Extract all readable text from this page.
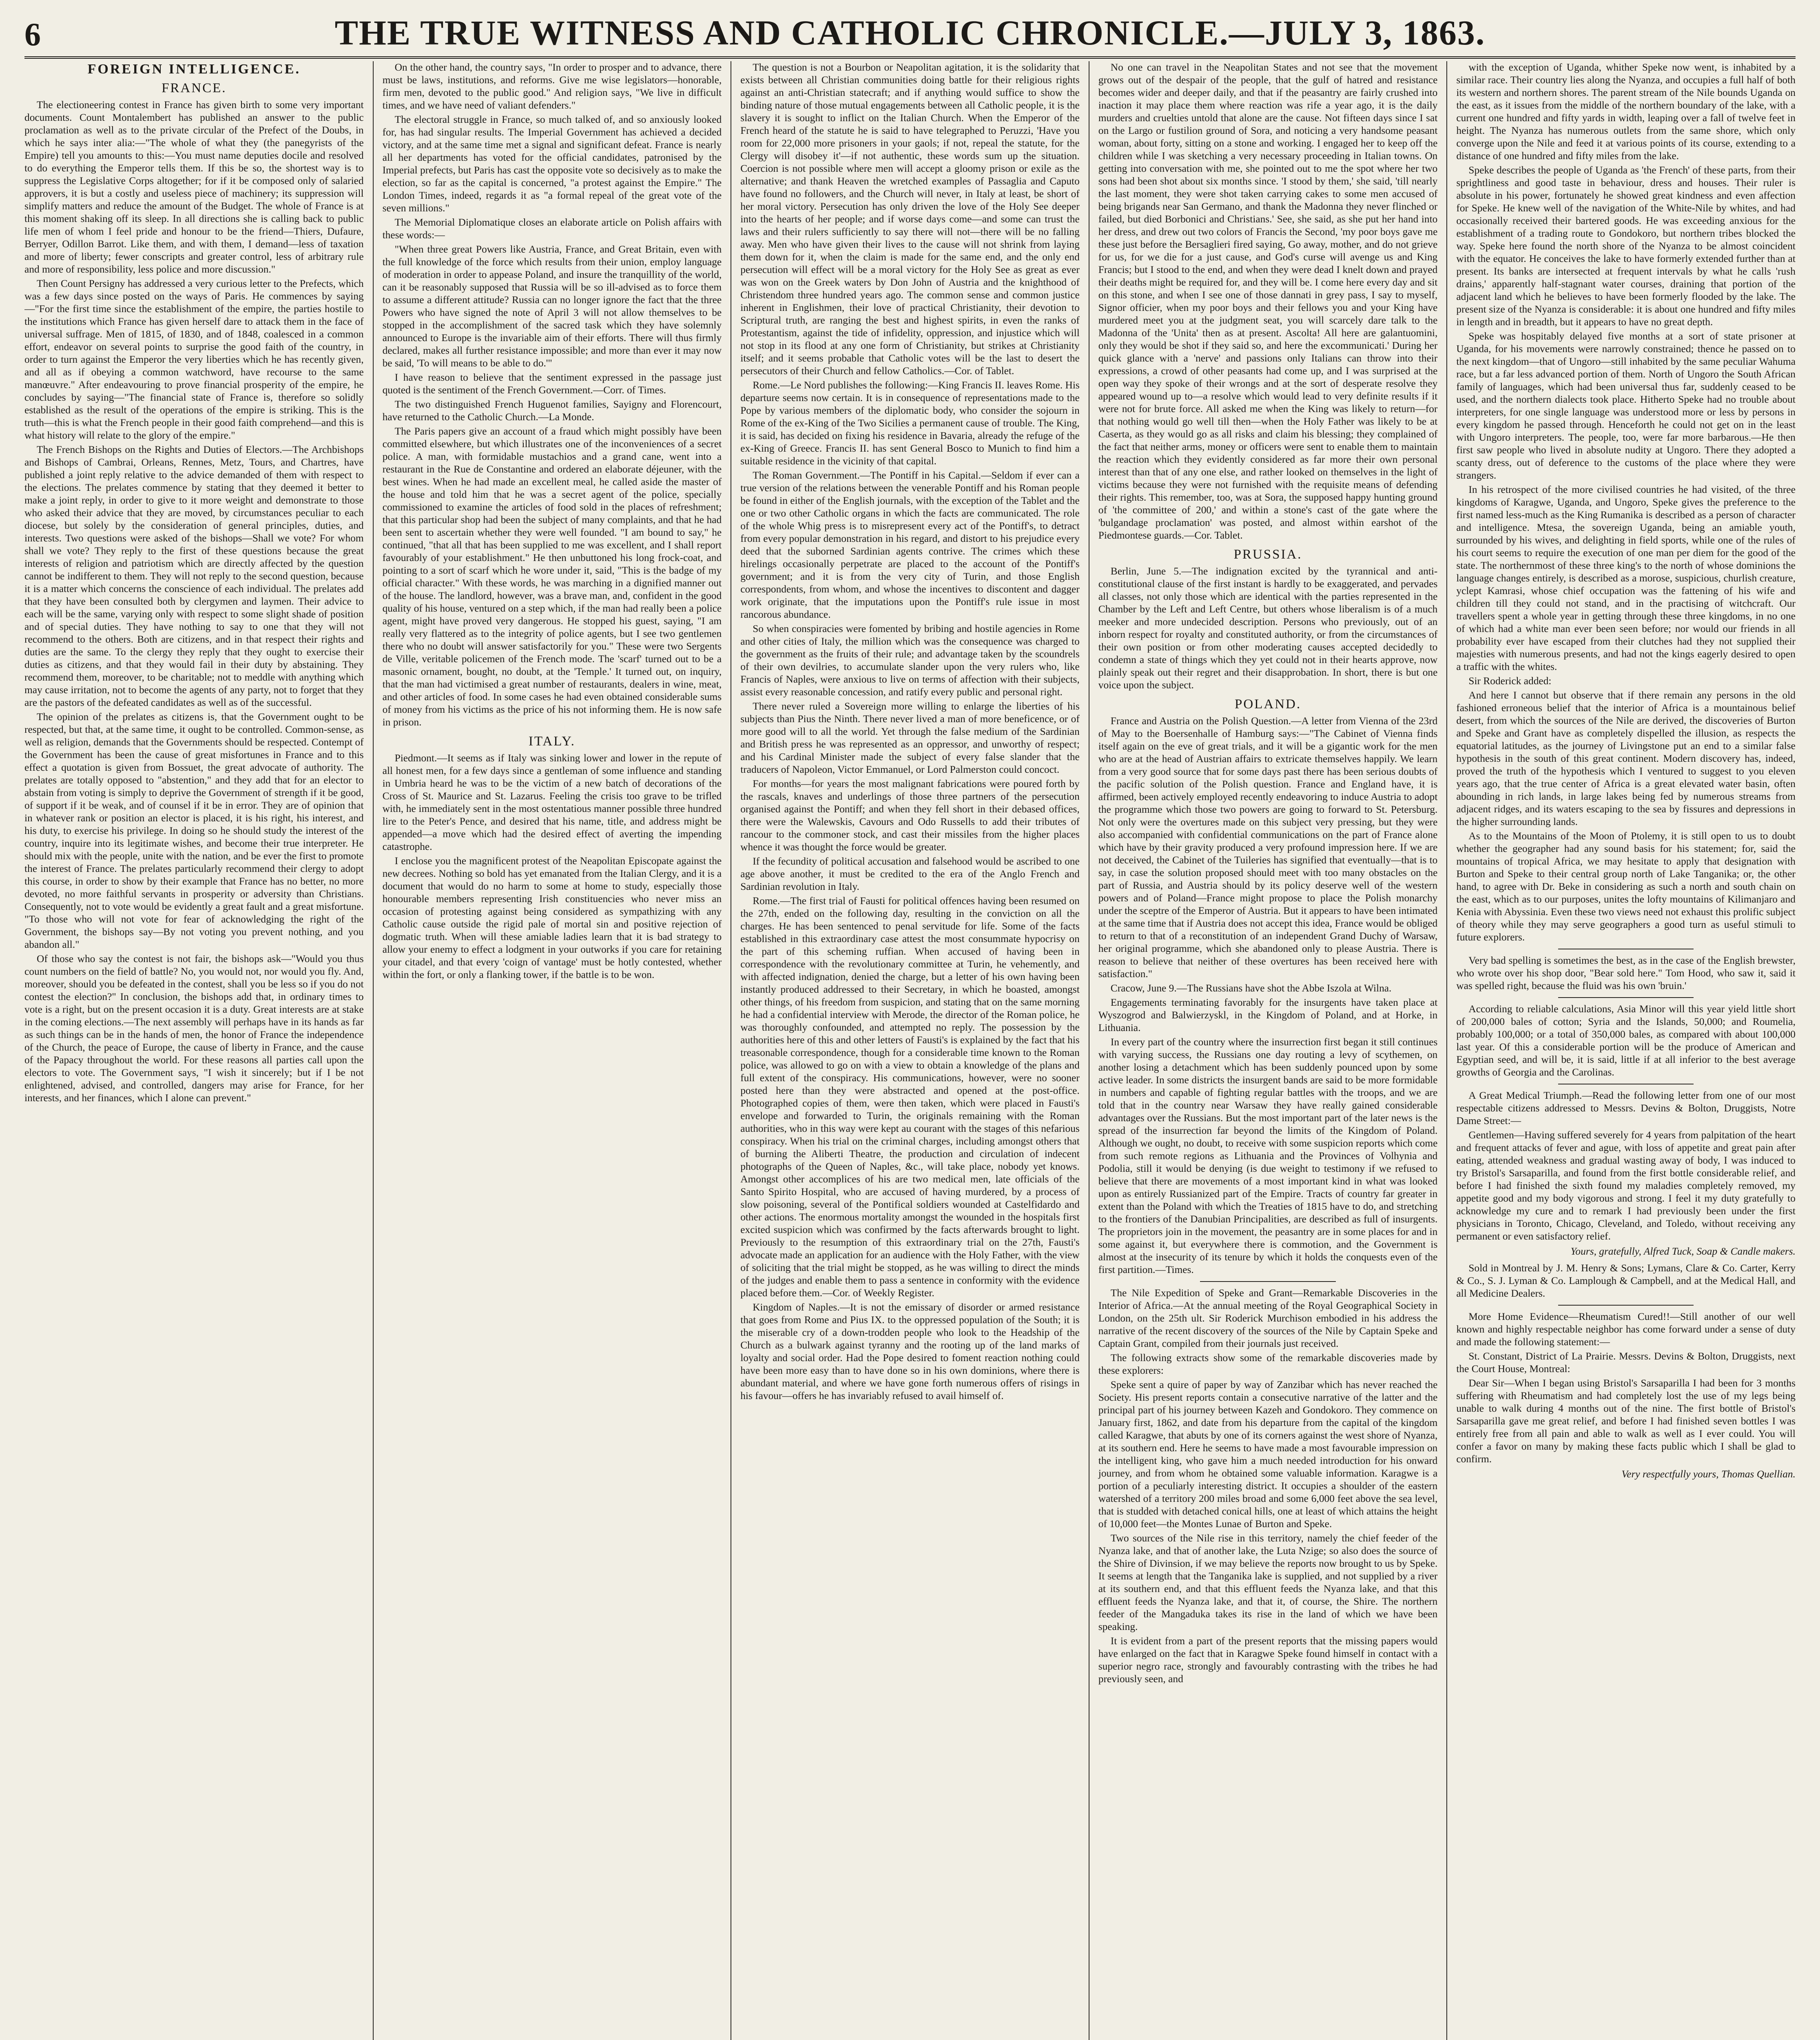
6	THE TRUE WITNESS AND CATHOLIC CHRONICLE.—JULY 3, 1863.
FOREIGN INTELLIGENCE.
FRANCE.

The electioneering contest in France has given birth to some very important documents. Count Montalembert has published an answer to the public proclamation as well as to the private circular of the Prefect of the Doubs, in which he says inter alia:—"The whole of what they (the panegyrists of the Empire) tell you amounts to this:—You must name deputies docile and resolved to do everything the Emperor tells them. If this be so, the shortest way is to suppress the Legislative Corps altogether; for if it be composed only of salaried approvers, it is but a costly and useless piece of machinery; its suppression will simplify matters and reduce the amount of the Budget. The whole of France is at this moment shaking off its sleep. In all directions she is calling back to public life men of whom I feel pride and honour to be the friend—Thiers, Dufaure, Berryer, Odillon Barrot. Like them, and with them, I demand—less of taxation and more of liberty; fewer conscripts and greater control, less of arbitrary rule and more of responsibility, less police and more discussion."

Then Count Persigny has addressed a very curious letter to the Prefects, which was a few days since posted on the ways of Paris. He commences by saying—"For the first time since the establishment of the empire, the parties hostile to the institutions which France has given herself dare to attack them in the face of universal suffrage. Men of 1815, of 1830, and of 1848, coalesced in a common effort, endeavor on several points to surprise the good faith of the country, in order to turn against the Emperor the very liberties which he has recently given, and all as if obeying a common watchword, have recourse to the same manœuvre." After endeavouring to prove financial prosperity of the empire, he concludes by saying—"The financial state of France is, therefore so solidly established as the result of the operations of the empire is striking. This is the truth—this is what the French people in their good faith comprehend—and this is what history will relate to the glory of the empire."

The French Bishops on the Rights and Duties of Electors.—The Archbishops and Bishops of Cambrai, Orleans, Rennes, Metz, Tours, and Chartres, have published a joint reply relative to the advice demanded of them with respect to the elections. The prelates commence by stating that they deemed it better to make a joint reply, in order to give to it more weight and demonstrate to those who asked their advice that they are moved, by circumstances peculiar to each diocese, but solely by the consideration of general principles, duties, and interests. Two questions were asked of the bishops—Shall we vote? For whom shall we vote? They reply to the first of these questions because the great interests of religion and patriotism which are directly affected by the question cannot be indifferent to them. They will not reply to the second question, because it is a matter which concerns the conscience of each individual. The prelates add that they have been consulted both by clergymen and laymen. Their advice to each will be the same, varying only with respect to some slight shade of position and of special duties. They have nothing to say to one that they will not recommend to the others. Both are citizens, and in that respect their rights and duties are the same. To the clergy they reply that they ought to exercise their duties as citizens, and that they would fail in their duty by abstaining. They recommend them, moreover, to be charitable; not to meddle with anything which may cause irritation, not to become the agents of any party, not to forget that they are the pastors of the defeated candidates as well as of the successful.

The opinion of the prelates as citizens is, that the Government ought to be respected, but that, at the same time, it ought to be controlled. Common-sense, as well as religion, demands that the Governments should be respected. Contempt of the Government has been the cause of great misfortunes in France and to this effect a quotation is given from Bossuet, the great advocate of authority. The prelates are totally opposed to "abstention," and they add that for an elector to abstain from voting is simply to deprive the Government of strength if it be good, of support if it be weak, and of counsel if it be in error. They are of opinion that in whatever rank or position an elector is placed, it is his right, his interest, and his duty, to exercise his privilege. In doing so he should study the interest of the country, inquire into its legitimate wishes, and become their true interpreter. He should mix with the people, unite with the nation, and be ever the first to promote the interest of France. The prelates particularly recommend their clergy to adopt this course, in order to show by their example that France has no better, no more devoted, no more faithful servants in prosperity or adversity than Christians. Consequently, not to vote would be evidently a great fault and a great misfortune. "To those who will not vote for fear of acknowledging the right of the Government, the bishops say—By not voting you prevent nothing, and you abandon all."

Of those who say the contest is not fair, the bishops ask—"Would you thus count numbers on the field of battle? No, you would not, nor would you fly. And, moreover, should you be defeated in the contest, shall you be less so if you do not contest the election?" In conclusion, the bishops add that, in ordinary times to vote is a right, but on the present occasion it is a duty. Great interests are at stake in the coming elections.—The next assembly will perhaps have in its hands as far as such things can be in the hands of men, the honor of France the independence of the Church, the peace of Europe, the cause of liberty in France, and the cause of the Papacy throughout the world. For these reasons all parties call upon the electors to vote. The Government says, "I wish it sincerely; but if I be not enlightened, advised, and controlled, dangers may arise for France, for her interests, and her finances, which I alone can prevent."

On the other hand, the country says, "In order to prosper and to advance, there must be laws, institutions, and reforms. Give me wise legislators—honorable, firm men, devoted to the public good." And religion says, "We live in difficult times, and we have need of valiant defenders."

The electoral struggle in France, so much talked of, and so anxiously looked for, has had singular results. The Imperial Government has achieved a decided victory, and at the same time met a signal and significant defeat. France is nearly all her departments has voted for the official candidates, patronised by the Imperial prefects, but Paris has cast the opposite vote so decisively as to make the election, so far as the capital is concerned, "a protest against the Empire." The London Times, indeed, regards it as "a formal repeal of the great vote of the seven millions."

The Memorial Diplomatique closes an elaborate article on Polish affairs with these words:—

"When three great Powers like Austria, France, and Great Britain, even with the full knowledge of the force which results from their union, employ language of moderation in order to appease Poland, and insure the tranquillity of the world, can it be reasonably supposed that Russia will be so ill-advised as to force them to assume a different attitude? Russia can no longer ignore the fact that the three Powers who have signed the note of April 3 will not allow themselves to be stopped in the accomplishment of the sacred task which they have solemnly announced to Europe is the invariable aim of their efforts. There will thus firmly declared, makes all further resistance impossible; and more than ever it may now be said, 'To will means to be able to do.'"

I have reason to believe that the sentiment expressed in the passage just quoted is the sentiment of the French Government.—Corr. of Times.

The two distinguished French Huguenot families, Sayigny and Florencourt, have returned to the Catholic Church.—La Monde.

The Paris papers give an account of a fraud which might possibly have been committed elsewhere, but which illustrates one of the inconveniences of a secret police. A man, with formidable mustachios and a grand cane, went into a restaurant in the Rue de Constantine and ordered an elaborate déjeuner, with the best wines. When he had made an excellent meal, he called aside the master of the house and told him that he was a secret agent of the police, specially commissioned to examine the articles of food sold in the places of refreshment; that this particular shop had been the subject of many complaints, and that he had been sent to ascertain whether they were well founded. "I am bound to say," he continued, "that all that has been supplied to me was excellent, and I shall report favourably of your establishment." He then unbuttoned his long frock-coat, and pointing to a sort of scarf which he wore under it, said, "This is the badge of my official character." With these words, he was marching in a dignified manner out of the house. The landlord, however, was a brave man, and, confident in the good quality of his house, ventured on a step which, if the man had really been a police agent, might have proved very dangerous. He stopped his guest, saying, "I am really very flattered as to the integrity of police agents, but I see two gentlemen there who no doubt will answer satisfactorily for you." These were two Sergents de Ville, veritable policemen of the French mode. The 'scarf' turned out to be a masonic ornament, bought, no doubt, at the 'Temple.' It turned out, on inquiry, that the man had victimised a great number of restaurants, dealers in wine, meat, and other articles of food. In some cases he had even obtained considerable sums of money from his victims as the price of his not informing them. He is now safe in prison.

ITALY.

Piedmont.—It seems as if Italy was sinking lower and lower in the repute of all honest men, for a few days since a gentleman of some influence and standing in Umbria heard he was to be the victim of a new batch of decorations of the Cross of St. Maurice and St. Lazarus. Feeling the crisis too grave to be trifled with, he immediately sent in the most ostentatious manner possible three hundred lire to the Peter's Pence, and desired that his name, title, and address might be appended—a move which had the desired effect of averting the impending catastrophe.

I enclose you the magnificent protest of the Neapolitan Episcopate against the new decrees. Nothing so bold has yet emanated from the Italian Clergy, and it is a document that would do no harm to some at home to study, especially those honourable members representing Irish constituencies who never miss an occasion of protesting against being considered as sympathizing with any Catholic cause outside the rigid pale of mortal sin and positive rejection of dogmatic truth. When will these amiable ladies learn that it is bad strategy to allow your enemy to effect a lodgment in your outworks if you care for retaining your citadel, and that every 'coign of vantage' must be hotly contested, whether within the fort, or only a flanking tower, if the battle is to be won.

The question is not a Bourbon or Neapolitan agitation, it is the solidarity that exists between all Christian communities doing battle for their religious rights against an anti-Christian statecraft; and if anything would suffice to show the binding nature of those mutual engagements between all Catholic people, it is the slavery it is sought to inflict on the Italian Church. When the Emperor of the French heard of the statute he is said to have telegraphed to Peruzzi, 'Have you room for 22,000 more prisoners in your gaols; if not, repeal the statute, for the Clergy will disobey it'—if not authentic, these words sum up the situation. Coercion is not possible where men will accept a gloomy prison or exile as the alternative; and thank Heaven the wretched examples of Passaglia and Caputo have found no followers, and the Church will never, in Italy at least, be short of her moral victory. Persecution has only driven the love of the Holy See deeper into the hearts of her people; and if worse days come—and some can trust the laws and their rulers sufficiently to say there will not—there will be no falling away. Men who have given their lives to the cause will not shrink from laying them down for it, when the claim is made for the same end, and the only end persecution will effect will be a moral victory for the Holy See as great as ever was won on the Greek waters by Don John of Austria and the knighthood of Christendom three hundred years ago. The common sense and common justice inherent in Englishmen, their love of practical Christianity, their devotion to Scriptural truth, are ranging the best and highest spirits, in even the ranks of Protestantism, against the tide of infidelity, oppression, and injustice which will not stop in its flood at any one form of Christianity, but strikes at Christianity itself; and it seems probable that Catholic votes will be the last to desert the persecutors of their Church and fellow Catholics.—Cor. of Tablet.

Rome.—Le Nord publishes the following:—King Francis II. leaves Rome. His departure seems now certain. It is in consequence of representations made to the Pope by various members of the diplomatic body, who consider the sojourn in Rome of the ex-King of the Two Sicilies a permanent cause of trouble. The King, it is said, has decided on fixing his residence in Bavaria, already the refuge of the ex-King of Greece. Francis II. has sent General Bosco to Munich to find him a suitable residence in the vicinity of that capital.

The Roman Government.—The Pontiff in his Capital.—Seldom if ever can a true version of the relations between the venerable Pontiff and his Roman people be found in either of the English journals, with the exception of the Tablet and the one or two other Catholic organs in which the facts are communicated. The role of the whole Whig press is to misrepresent every act of the Pontiff's, to detract from every popular demonstration in his regard, and distort to his prejudice every deed that the suborned Sardinian agents contrive. The crimes which these hirelings occasionally perpetrate are placed to the account of the Pontiff's government; and it is from the very city of Turin, and those English correspondents, from whom, and whose the incentives to discontent and dagger work originate, that the imputations upon the Pontiff's rule issue in most rancorous abundance.

So when conspiracies were fomented by bribing and hostile agencies in Rome and other cities of Italy, the million which was the consequence was charged to the government as the fruits of their rule; and advantage taken by the scoundrels of their own devilries, to accumulate slander upon the very rulers who, like Francis of Naples, were anxious to live on terms of affection with their subjects, assist every reasonable concession, and ratify every public and personal right.

There never ruled a Sovereign more willing to enlarge the liberties of his subjects than Pius the Ninth. There never lived a man of more beneficence, or of more good will to all the world. Yet through the false medium of the Sardinian and British press he was represented as an oppressor, and unworthy of respect; and his Cardinal Minister made the subject of every false slander that the traducers of Napoleon, Victor Emmanuel, or Lord Palmerston could concoct.

For months—for years the most malignant fabrications were poured forth by the rascals, knaves and underlings of those three partners of the persecution organised against the Pontiff; and when they fell short in their debased offices, there were the Walewskis, Cavours and Odo Russells to add their tributes of rancour to the commoner stock, and cast their missiles from the higher places whence it was thought the force would be greater.

If the fecundity of political accusation and falsehood would be ascribed to one age above another, it must be credited to the era of the Anglo French and Sardinian revolution in Italy.

Rome.—The first trial of Fausti for political offences having been resumed on the 27th, ended on the following day, resulting in the conviction on all the charges. He has been sentenced to penal servitude for life. Some of the facts established in this extraordinary case attest the most consummate hypocrisy on the part of this scheming ruffian. When accused of having been in correspondence with the revolutionary committee at Turin, he vehemently, and with affected indignation, denied the charge, but a letter of his own having been instantly produced addressed to their Secretary, in which he boasted, amongst other things, of his freedom from suspicion, and stating that on the same morning he had a confidential interview with Merode, the director of the Roman police, he was thoroughly confounded, and attempted no reply. The possession by the authorities here of this and other letters of Fausti's is explained by the fact that his treasonable correspondence, though for a considerable time known to the Roman police, was allowed to go on with a view to obtain a knowledge of the plans and full extent of the conspiracy. His communications, however, were no sooner posted here than they were abstracted and opened at the post-office. Photographed copies of them, were then taken, which were placed in Fausti's envelope and forwarded to Turin, the originals remaining with the Roman authorities, who in this way were kept au courant with the stages of this nefarious conspiracy. When his trial on the criminal charges, including amongst others that of burning the Aliberti Theatre, the production and circulation of indecent photographs of the Queen of Naples, &c., will take place, nobody yet knows. Amongst other accomplices of his are two medical men, late officials of the Santo Spirito Hospital, who are accused of having murdered, by a process of slow poisoning, several of the Pontifical soldiers wounded at Castelfidardo and other actions. The enormous mortality amongst the wounded in the hospitals first excited suspicion which was confirmed by the facts afterwards brought to light. Previously to the resumption of this extraordinary trial on the 27th, Fausti's advocate made an application for an audience with the Holy Father, with the view of soliciting that the trial might be stopped, as he was willing to direct the minds of the judges and enable them to pass a sentence in conformity with the evidence placed before them.—Cor. of Weekly Register.

Kingdom of Naples.—It is not the emissary of disorder or armed resistance that goes from Rome and Pius IX. to the oppressed population of the South; it is the miserable cry of a down-trodden people who look to the Headship of the Church as a bulwark against tyranny and the rooting up of the land marks of loyalty and social order. Had the Pope desired to foment reaction nothing could have been more easy than to have done so in his own dominions, where there is abundant material, and where we have gone forth numerous offers of risings in his favour—offers he has invariably refused to avail himself of.

No one can travel in the Neapolitan States and not see that the movement grows out of the despair of the people, that the gulf of hatred and resistance becomes wider and deeper daily, and that if the peasantry are fairly crushed into inaction it may place them where reaction was rife a year ago, it is the daily murders and cruelties untold that alone are the cause. Not fifteen days since I sat on the Largo or fustilion ground of Sora, and noticing a very handsome peasant woman, about forty, sitting on a stone and working. I engaged her to keep off the children while I was sketching a very necessary proceeding in Italian towns. On getting into conversation with me, she pointed out to me the spot where her two sons had been shot about six months since. 'I stood by them,' she said, 'till nearly the last moment, they were shot taken carrying cakes to some men accused of being brigands near San Germano, and thank the Madonna they never flinched or failed, but died Borbonici and Christians.' See, she said, as she put her hand into her dress, and drew out two colors of Francis the Second, 'my poor boys gave me these just before the Bersaglieri fired saying, Go away, mother, and do not grieve for us, for we die for a just cause, and God's curse will avenge us and King Francis; but I stood to the end, and when they were dead I knelt down and prayed their deaths might be required for, and they will be. I come here every day and sit on this stone, and when I see one of those dannati in grey pass, I say to myself, Signor officier, when my poor boys and their fellows you and your King have murdered meet you at the judgment seat, you will scarcely dare talk to the Madonna of the 'Unita' then as at present. Ascolta! All here are galantuomini, only they would be shot if they said so, and here the excommunicati.' During her quick glance with a 'nerve' and passions only Italians can throw into their expressions, a crowd of other peasants had come up, and I was surprised at the open way they spoke of their wrongs and at the sort of desperate resolve they appeared wound up to—a resolve which would lead to very definite results if it were not for brute force. All asked me when the King was likely to return—for that nothing would go well till then—when the Holy Father was likely to be at Caserta, as they would go as all risks and claim his blessing; they complained of the fact that neither arms, money or officers were sent to enable them to maintain the reaction which they evidently considered as far more their own personal interest than that of any one else, and rather looked on themselves in the light of victims because they were not furnished with the requisite means of defending their rights. This remember, too, was at Sora, the supposed happy hunting ground of 'the committee of 200,' and within a stone's cast of the gate where the 'bulgandage proclamation' was posted, and almost within earshot of the Piedmontese guards.—Cor. Tablet.

PRUSSIA.

Berlin, June 5.—The indignation excited by the tyrannical and anti-constitutional clause of the first instant is hardly to be exaggerated, and pervades all classes, not only those which are identical with the parties represented in the Chamber by the Left and Left Centre, but others whose liberalism is of a much meeker and more undecided description. Persons who previously, out of an inborn respect for royalty and constituted authority, or from the circumstances of their own position or from other moderating causes accepted decidedly to condemn a state of things which they yet could not in their hearts approve, now plainly speak out their regret and their disapprobation. In short, there is but one voice upon the subject.

POLAND.

France and Austria on the Polish Question.—A letter from Vienna of the 23rd of May to the Boersenhalle of Hamburg says:—"The Cabinet of Vienna finds itself again on the eve of great trials, and it will be a gigantic work for the men who are at the head of Austrian affairs to extricate themselves happily. We learn from a very good source that for some days past there has been serious doubts of the pacific solution of the Polish question. France and England have, it is affirmed, been actively employed recently endeavoring to induce Austria to adopt the programme which those two powers are going to forward to St. Petersburg. Not only were the overtures made on this subject very pressing, but they were also accompanied with confidential communications on the part of France alone which have by their gravity produced a very profound impression here. If we are not deceived, the Cabinet of the Tuileries has signified that eventually—that is to say, in case the solution proposed should meet with too many obstacles on the part of Russia, and Austria should by its policy deserve well of the western powers and of Poland—France might propose to place the Polish monarchy under the sceptre of the Emperor of Austria. But it appears to have been intimated at the same time that if Austria does not accept this idea, France would be obliged to return to that of a reconstitution of an independent Grand Duchy of Warsaw, her original programme, which she abandoned only to please Austria. There is reason to believe that neither of these overtures has been received here with satisfaction."

Cracow, June 9.—The Russians have shot the Abbe Iszola at Wilna.

Engagements terminating favorably for the insurgents have taken place at Wyszogrod and Balwierzyskl, in the Kingdom of Poland, and at Horke, in Lithuania.

In every part of the country where the insurrection first began it still continues with varying success, the Russians one day routing a levy of scythemen, on another losing a detachment which has been suddenly pounced upon by some active leader. In some districts the insurgent bands are said to be more formidable in numbers and capable of fighting regular battles with the troops, and we are told that in the country near Warsaw they have really gained considerable advantages over the Russians. But the most important part of the later news is the spread of the insurrection far beyond the limits of the Kingdom of Poland. Although we ought, no doubt, to receive with some suspicion reports which come from such remote regions as Lithuania and the Provinces of Volhynia and Podolia, still it would be denying (is due weight to testimony if we refused to believe that there are movements of a most important kind in what was looked upon as entirely Russianized part of the Empire. Tracts of country far greater in extent than the Poland with which the Treaties of 1815 have to do, and stretching to the frontiers of the Danubian Principalities, are described as full of insurgents. The proprietors join in the movement, the peasantry are in some places for and in some against it, but everywhere there is commotion, and the Government is almost at the insecurity of its tenure by which it holds the conquests even of the first partition.—Times.

The Nile Expedition of Speke and Grant—Remarkable Discoveries in the Interior of Africa.—At the annual meeting of the Royal Geographical Society in London, on the 25th ult. Sir Roderick Murchison embodied in his address the narrative of the recent discovery of the sources of the Nile by Captain Speke and Captain Grant, compiled from their journals just received.

The following extracts show some of the remarkable discoveries made by these explorers:

Speke sent a quire of paper by way of Zanzibar which has never reached the Society. His present reports contain a consecutive narrative of the latter and the principal part of his journey between Kazeh and Gondokoro. They commence on January first, 1862, and date from his departure from the capital of the kingdom called Karagwe, that abuts by one of its corners against the west shore of Nyanza, at its southern end. Here he seems to have made a most favourable impression on the intelligent king, who gave him a much needed introduction for his onward journey, and from whom he obtained some valuable information. Karagwe is a portion of a peculiarly interesting district. It occupies a shoulder of the eastern watershed of a territory 200 miles broad and some 6,000 feet above the sea level, that is studded with detached conical hills, one at least of which attains the height of 10,000 feet—the Montes Lunae of Burton and Speke.

Two sources of the Nile rise in this territory, namely the chief feeder of the Nyanza lake, and that of another lake, the Luta Nzige; so also does the source of the Shire of Divinsion, if we may believe the reports now brought to us by Speke. It seems at length that the Tanganika lake is supplied, and not supplied by a river at its southern end, and that this effluent feeds the Nyanza lake, and that this effluent feeds the Nyanza lake, and that it, of course, the Shire. The northern feeder of the Mangaduka takes its rise in the land of which we have been speaking.

It is evident from a part of the present reports that the missing papers would have enlarged on the fact that in Karagwe Speke found himself in contact with a superior negro race, strongly and favourably contrasting with the tribes he had previously seen, and

with the exception of Uganda, whither Speke now went, is inhabited by a similar race. Their country lies along the Nyanza, and occupies a full half of both its western and northern shores. The parent stream of the Nile bounds Uganda on the east, as it issues from the middle of the northern boundary of the lake, with a current one hundred and fifty yards in width, leaping over a fall of twelve feet in height. The Nyanza has numerous outlets from the same shore, which only converge upon the Nile and feed it at various points of its course, extending to a distance of one hundred and fifty miles from the lake.

Speke describes the people of Uganda as 'the French' of these parts, from their sprightliness and good taste in behaviour, dress and houses. Their ruler is absolute in his power, fortunately he showed great kindness and even affection for Speke. He knew well of the navigation of the White-Nile by whites, and had occasionally received their bartered goods. He was exceeding anxious for the establishment of a trading route to Gondokoro, but northern tribes blocked the way. Speke here found the north shore of the Nyanza to be almost coincident with the equator. He conceives the lake to have formerly extended further than at present. Its banks are intersected at frequent intervals by what he calls 'rush drains,' apparently half-stagnant water courses, draining that portion of the adjacent land which he believes to have been formerly flooded by the lake. The present size of the Nyanza is considerable: it is about one hundred and fifty miles in length and in breadth, but it appears to have no great depth.

Speke was hospitably delayed five months at a sort of state prisoner at Uganda, for his movements were narrowly constrained; thence he passed on to the next kingdom—that of Ungoro—still inhabited by the same peculiar Wahuma race, but a far less advanced portion of them. North of Ungoro the South African family of languages, which had been universal thus far, suddenly ceased to be used, and the northern dialects took place. Hitherto Speke had no trouble about interpreters, for one single language was understood more or less by persons in every kingdom he passed through. Henceforth he could not get on in the least with Ungoro interpreters. The people, too, were far more barbarous.—He then first saw people who lived in absolute nudity at Ungoro. There they adopted a scanty dress, out of deference to the customs of the place where they were strangers.

In his retrospect of the more civilised countries he had visited, of the three kingdoms of Karagwe, Uganda, and Ungoro, Speke gives the preference to the first named less-much as the King Rumanika is described as a person of character and intelligence. Mtesa, the sovereign Uganda, being an amiable youth, surrounded by his wives, and delighting in field sports, while one of the rules of his court seems to require the execution of one man per diem for the good of the state. The northernmost of these three king's to the north of whose dominions the language changes entirely, is described as a morose, suspicious, churlish creature, yclept Kamrasi, whose chief occupation was the fattening of his wife and children till they could not stand, and in the practising of witchcraft. Our travellers spent a whole year in getting through these three kingdoms, in no one of which had a white man ever been seen before; nor would our friends in all probability ever have escaped from their clutches had they not supplied their majesties with numerous presents, and had not the kings eagerly desired to open a traffic with the whites.

Sir Roderick added:

And here I cannot but observe that if there remain any persons in the old fashioned erroneous belief that the interior of Africa is a mountainous belief desert, from which the sources of the Nile are derived, the discoveries of Burton and Speke and Grant have as completely dispelled the illusion, as respects the equatorial latitudes, as the journey of Livingstone put an end to a similar false hypothesis in the south of this great continent. Modern discovery has, indeed, proved the truth of the hypothesis which I ventured to suggest to you eleven years ago, that the true center of Africa is a great elevated water basin, often abounding in rich lands, in large lakes being fed by numerous streams from adjacent ridges, and its waters escaping to the sea by fissures and depressions in the higher surrounding lands.

As to the Mountains of the Moon of Ptolemy, it is still open to us to doubt whether the geographer had any sound basis for his statement; for, said the mountains of tropical Africa, we may hesitate to apply that designation with Burton and Speke to their central group north of Lake Tanganika; or, the other hand, to agree with Dr. Beke in considering as such a north and south chain on the east, which as to our purposes, unites the lofty mountains of Kilimanjaro and Kenia with Abyssinia. Even these two views need not exhaust this prolific subject of theory while they may serve geographers a good turn as useful stimuli to future explorers.

Very bad spelling is sometimes the best, as in the case of the English brewster, who wrote over his shop door, "Bear sold here." Tom Hood, who saw it, said it was spelled right, because the fluid was his own 'bruin.'

According to reliable calculations, Asia Minor will this year yield little short of 200,000 bales of cotton; Syria and the Islands, 50,000; and Roumelia, probably 100,000; or a total of 350,000 bales, as compared with about 100,000 last year. Of this a considerable portion will be the produce of American and Egyptian seed, and will be, it is said, little if at all inferior to the best average growths of Georgia and the Carolinas.

A Great Medical Triumph.—Read the following letter from one of our most respectable citizens addressed to Messrs. Devins & Bolton, Druggists, Notre Dame Street:—

Gentlemen—Having suffered severely for 4 years from palpitation of the heart and frequent attacks of fever and ague, with loss of appetite and great pain after eating, attended weakness and gradual wasting away of body, I was induced to try Bristol's Sarsaparilla, and found from the first bottle considerable relief, and before I had finished the sixth found my maladies completely removed, my appetite good and my body vigorous and strong. I feel it my duty gratefully to acknowledge my cure and to remark I had previously been under the first physicians in Toronto, Chicago, Cleveland, and Toledo, without receiving any permanent or even satisfactory relief.

Yours, gratefully, Alfred Tuck, Soap & Candle makers.

Sold in Montreal by J. M. Henry & Sons; Lymans, Clare & Co. Carter, Kerry & Co., S. J. Lyman & Co. Lamplough & Campbell, and at the Medical Hall, and all Medicine Dealers.

More Home Evidence—Rheumatism Cured!!—Still another of our well known and highly respectable neighbor has come forward under a sense of duty and made the following statement:—

St. Constant, District of La Prairie. Messrs. Devins & Bolton, Druggists, next the Court House, Montreal:

Dear Sir—When I began using Bristol's Sarsaparilla I had been for 3 months suffering with Rheumatism and had completely lost the use of my legs being unable to walk during 4 months out of the nine. The first bottle of Bristol's Sarsaparilla gave me great relief, and before I had finished seven bottles I was entirely free from all pain and able to walk as well as I ever could. You will confer a favor on many by making these facts public which I shall be glad to confirm.

Very respectfully yours, Thomas Quellian.
